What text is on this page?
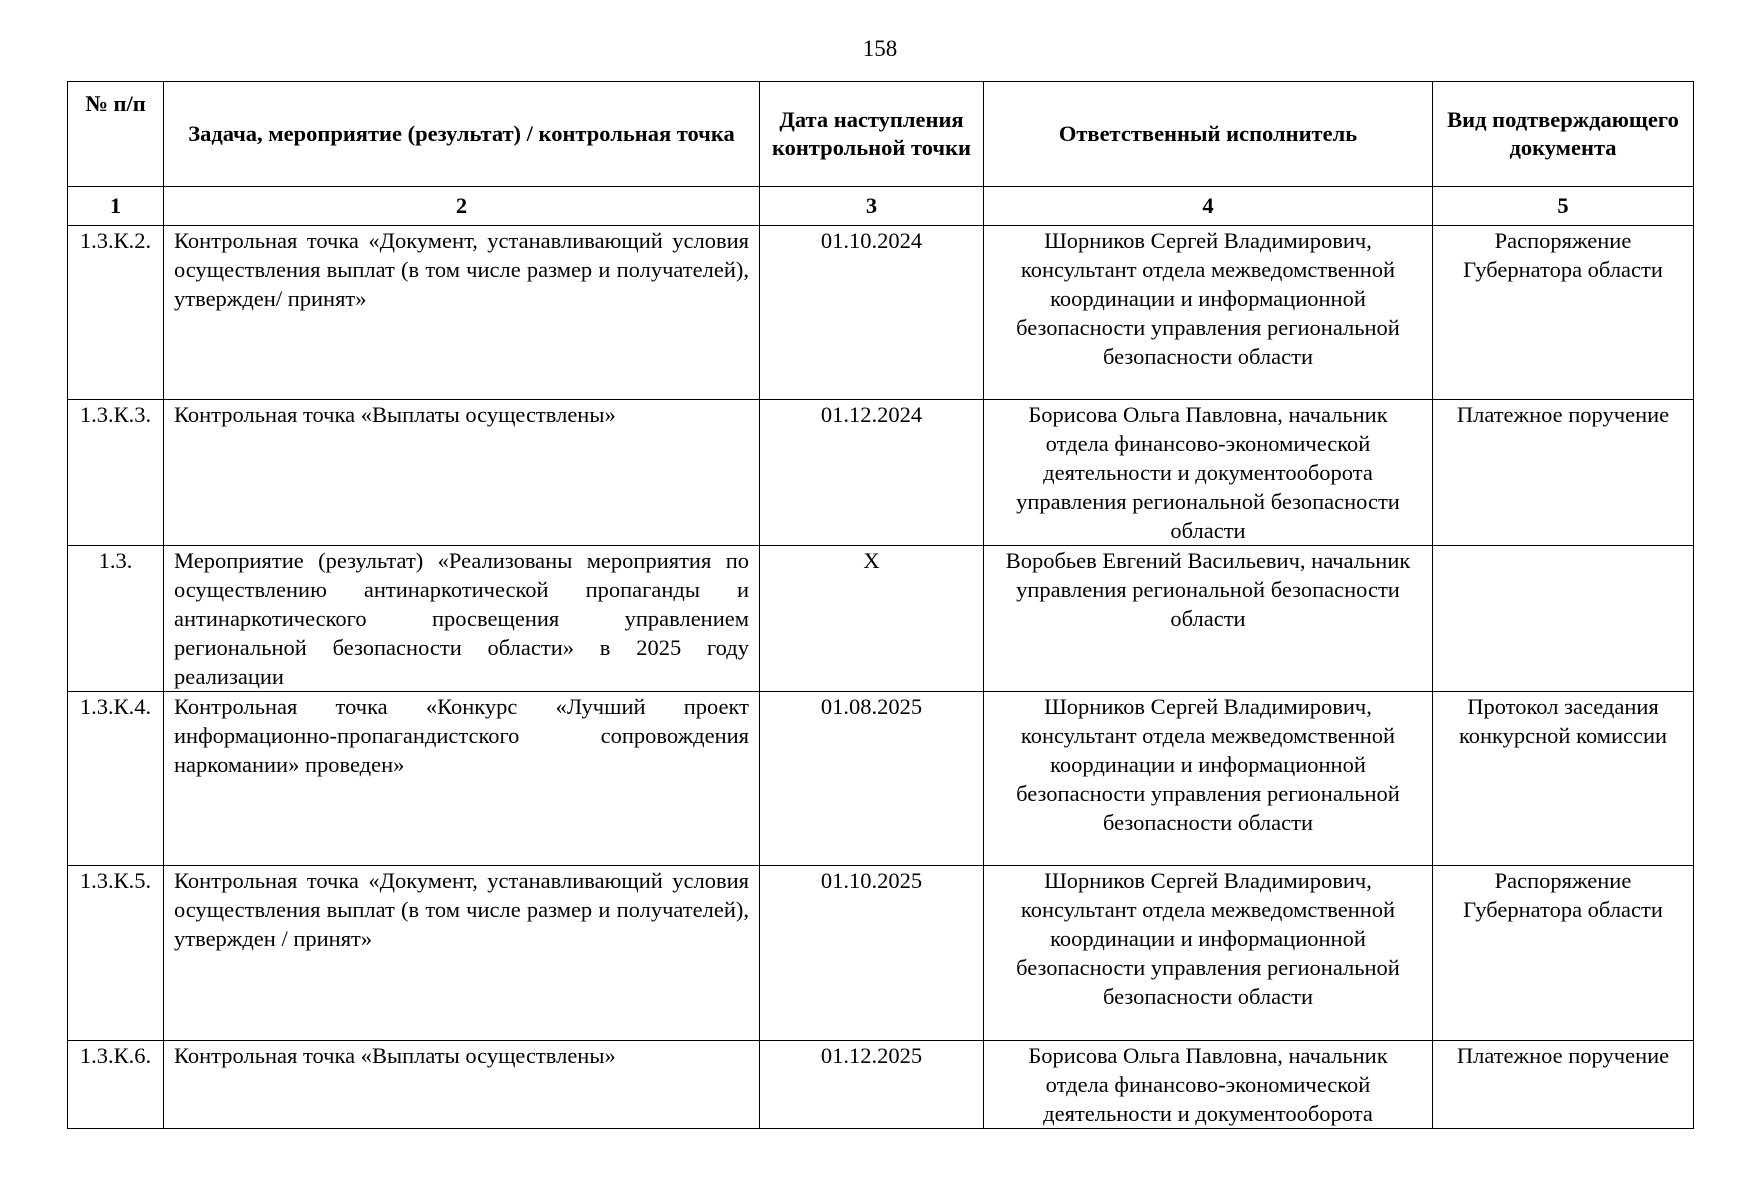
158
№ п/п	Задача, мероприятие (результат) / контрольная точка	Дата наступления контрольной точки	Ответственный исполнитель	Вид подтверждающего документа
1	2	3	4	5
1.3.К.2.	Контрольная точка «Документ, устанавливающий условия осуществления выплат (в том числе размер и получателей), утвержден/ принят»	01.10.2024	Шорников Сергей Владимирович, консультант отдела межведомственной координации и информационной безопасности управления региональной безопасности области	Распоряжение Губернатора области
1.3.К.3.	Контрольная точка «Выплаты осуществлены»	01.12.2024	Борисова Ольга Павловна, начальник отдела финансово-экономической деятельности и документооборота управления региональной безопасности области	Платежное поручение
1.3.	Мероприятие (результат) «Реализованы мероприятия по осуществлению антинаркотической пропаганды и антинаркотического просвещения управлением региональной безопасности области» в 2025 году реализации	X	Воробьев Евгений Васильевич, начальник управления региональной безопасности области	
1.3.К.4.	Контрольная точка «Конкурс «Лучший проект информационно-пропагандистского сопровождения наркомании» проведен»	01.08.2025	Шорников Сергей Владимирович, консультант отдела межведомственной координации и информационной безопасности управления региональной безопасности области	Протокол заседания конкурсной комиссии
1.3.К.5.	Контрольная точка «Документ, устанавливающий условия осуществления выплат (в том числе размер и получателей), утвержден / принят»	01.10.2025	Шорников Сергей Владимирович, консультант отдела межведомственной координации и информационной безопасности управления региональной безопасности области	Распоряжение Губернатора области
1.3.К.6.	Контрольная точка «Выплаты осуществлены»	01.12.2025	Борисова Ольга Павловна, начальник отдела финансово-экономической деятельности и документооборота	Платежное поручение
